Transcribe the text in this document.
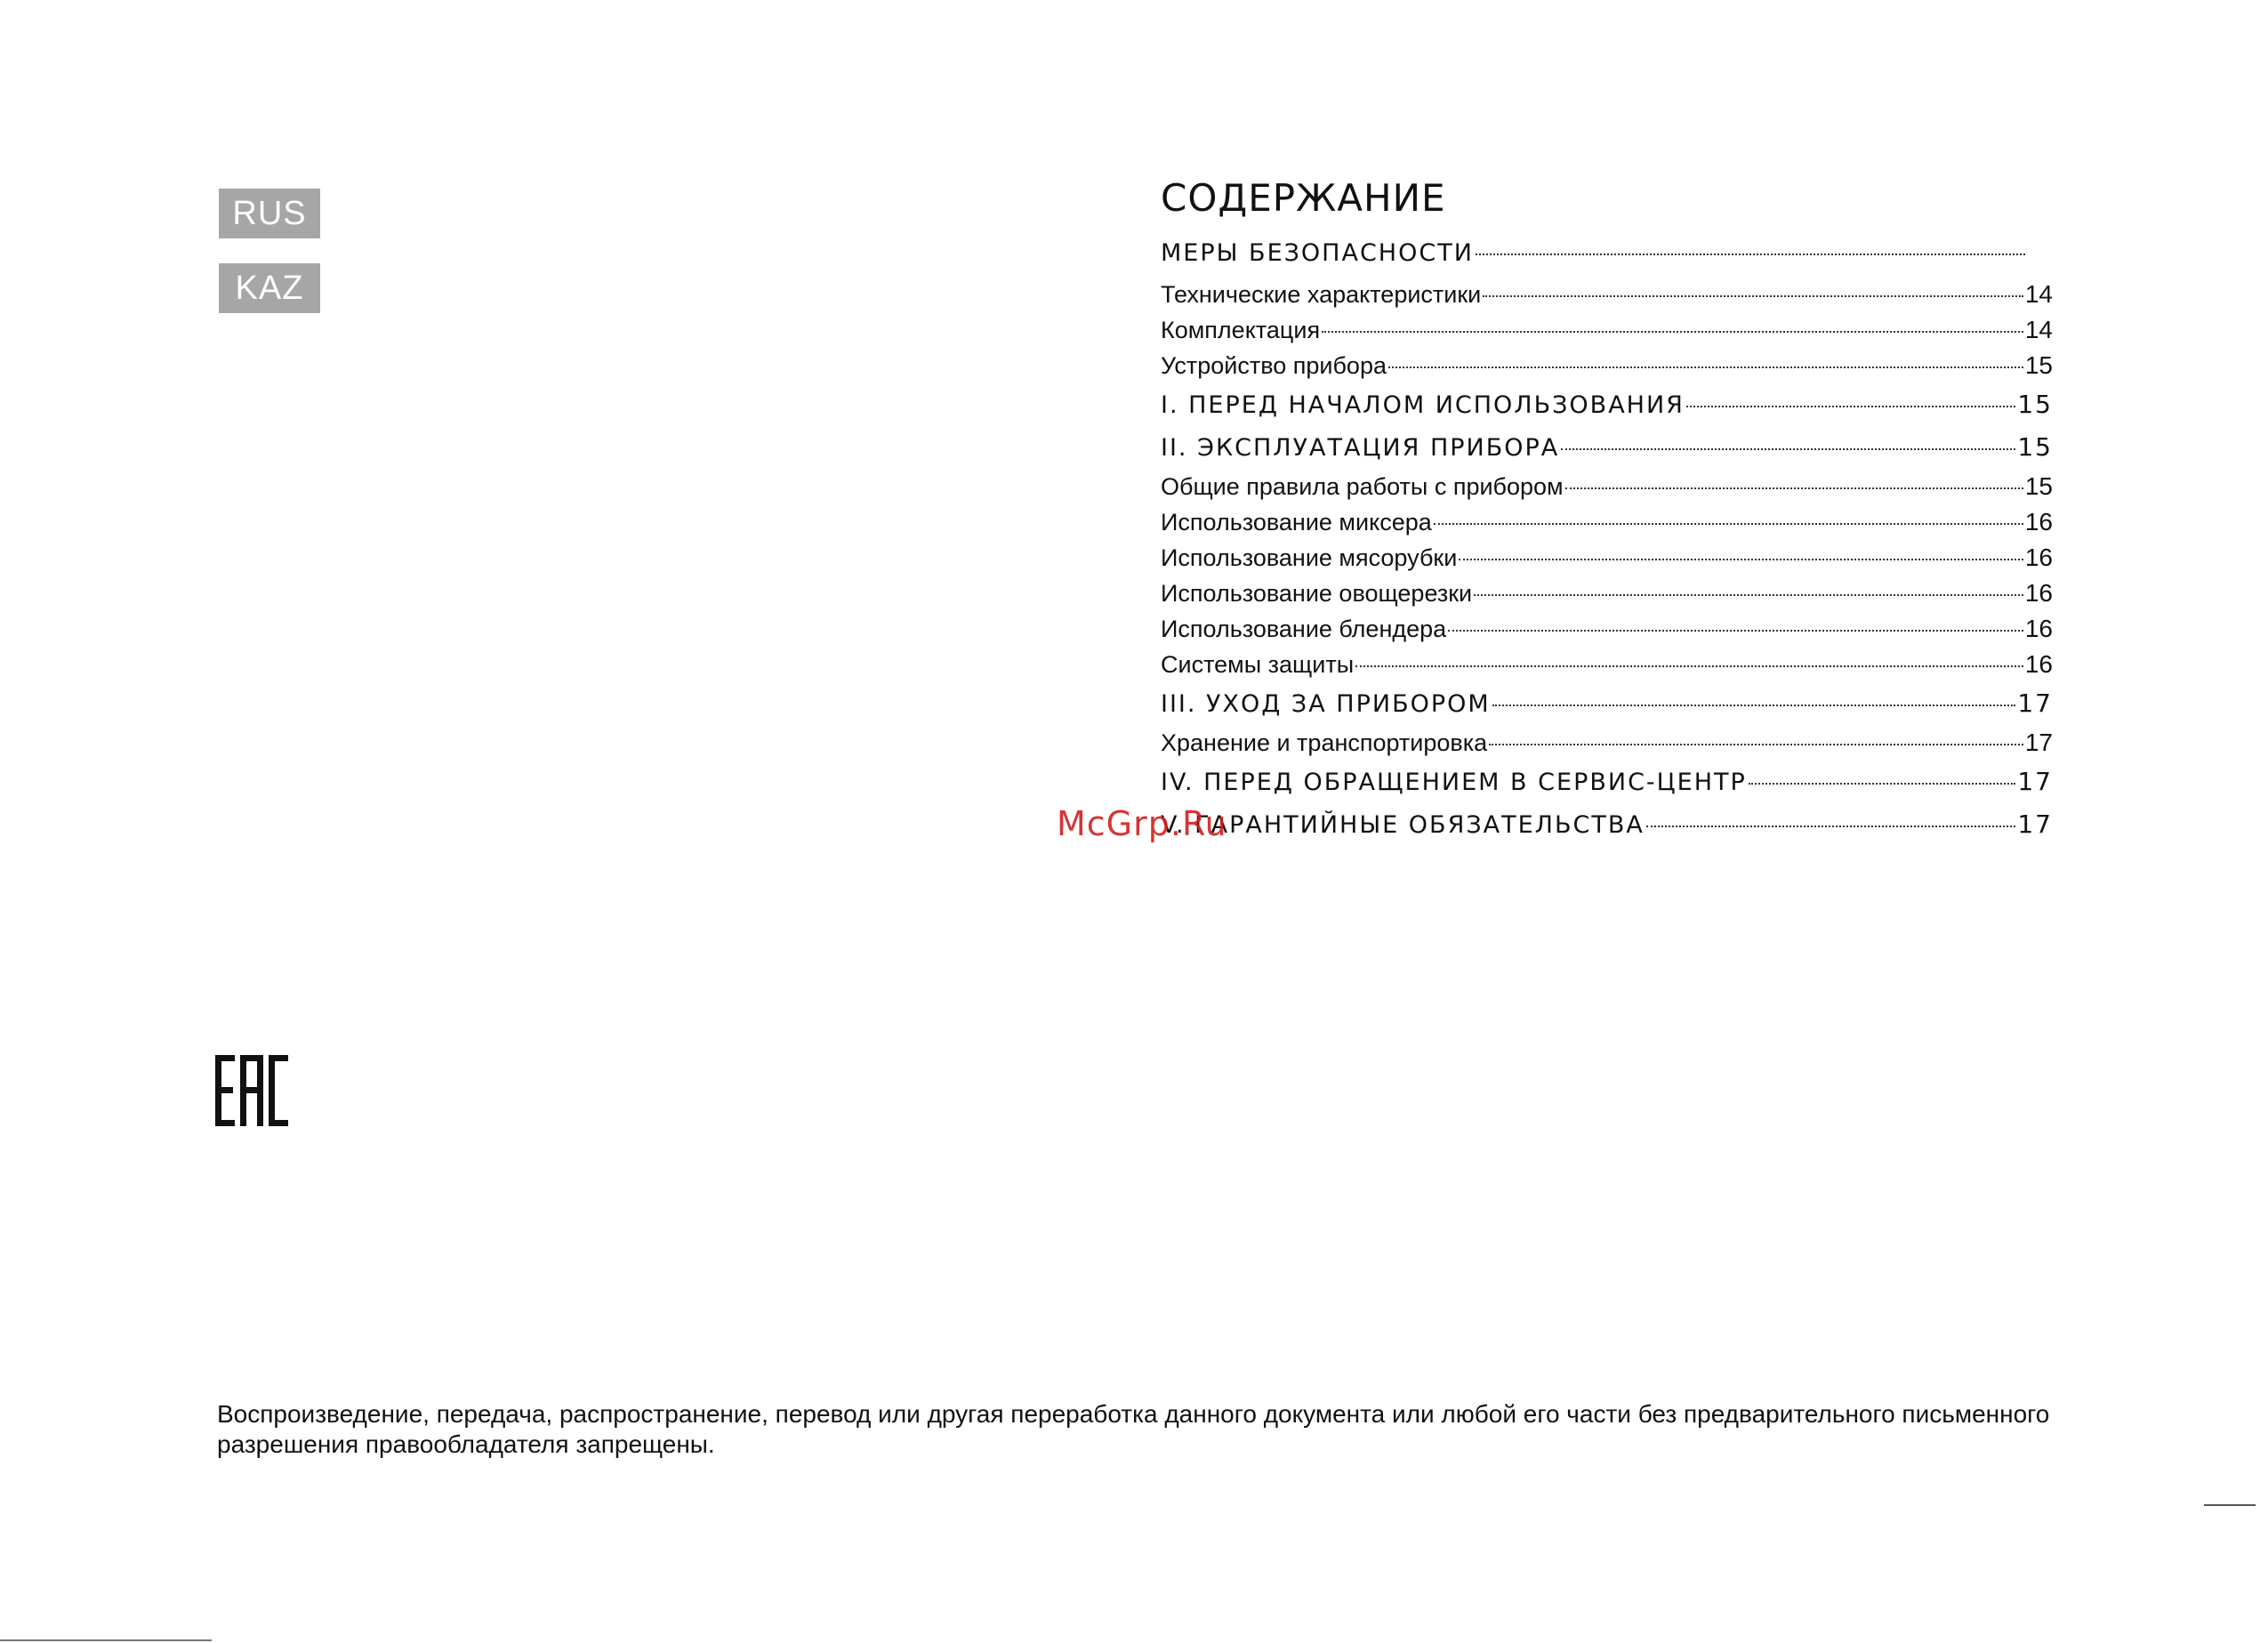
RUS
KAZ
СОДЕРЖАНИЕ
МЕРЫ БЕЗОПАСНОСТИ
Технические характеристики	14
Комплектация	14
Устройство прибора	15
I. ПЕРЕД НАЧАЛОМ ИСПОЛЬЗОВАНИЯ	15
II. ЭКСПЛУАТАЦИЯ ПРИБОРА	15
Общие правила работы с прибором	15
Использование миксера	16
Использование мясорубки	16
Использование овощерезки	16
Использование блендера	16
Системы защиты	16
III. УХОД ЗА ПРИБОРОМ	17
Хранение и транспортировка	17
IV. ПЕРЕД ОБРАЩЕНИЕМ В СЕРВИС-ЦЕНТР	17
V. ГАРАНТИЙНЫЕ ОБЯЗАТЕЛЬСТВА	17
McGrp.Ru
Воспроизведение, передача, распространение, перевод или другая переработка данного документа или любой его части без предварительного письменного разрешения правообладателя запрещены.
